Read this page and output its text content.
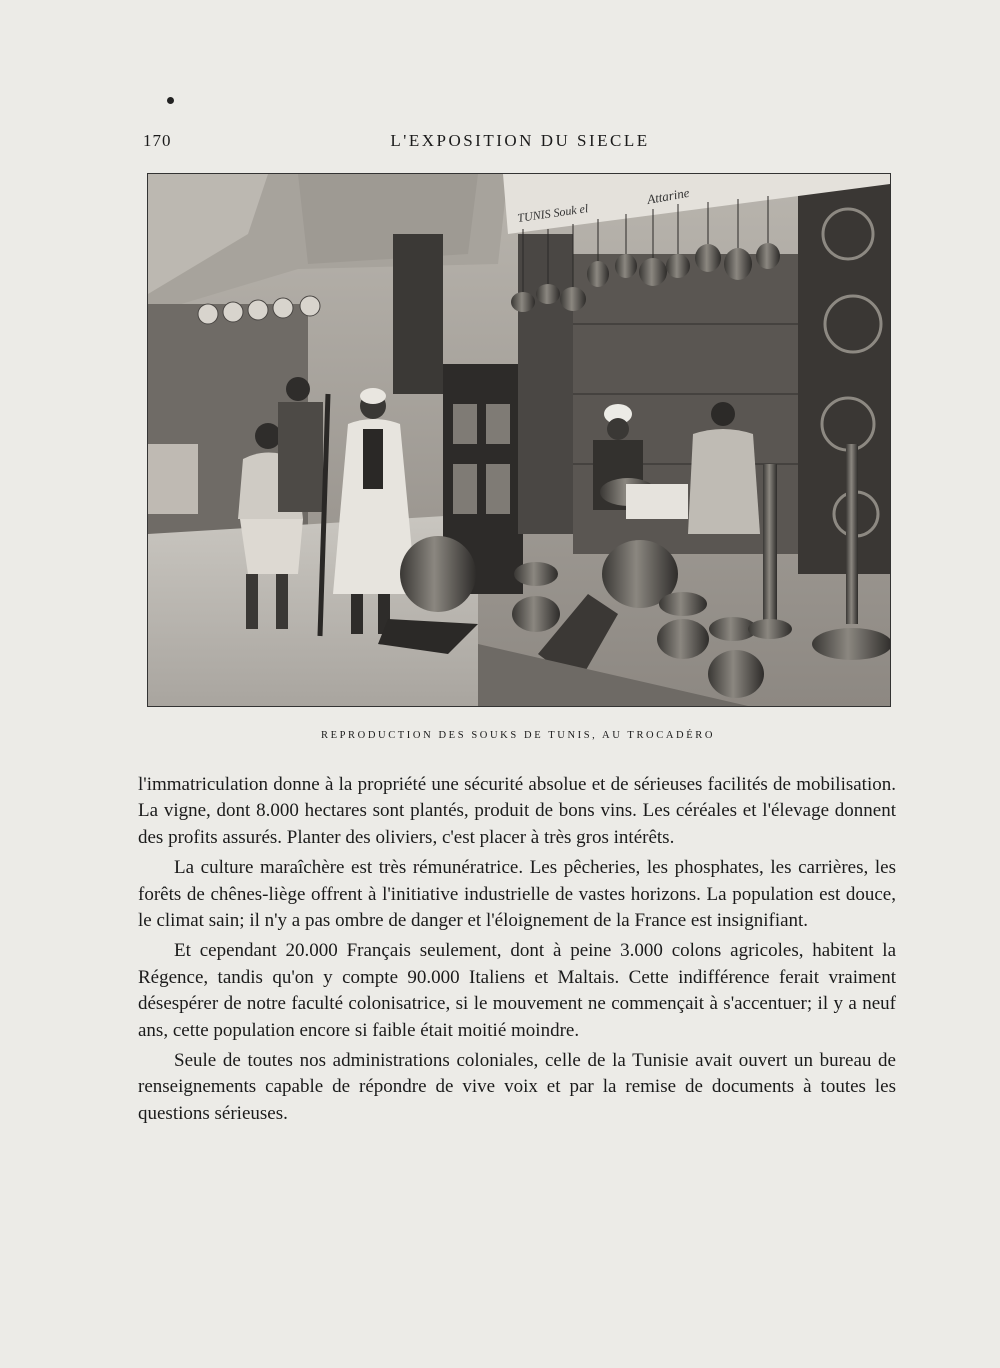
170	L'EXPOSITION DU SIECLE
TUNIS Souk el
Attarine
REPRODUCTION DES SOUKS DE TUNIS, AU TROCADÉRO

l'immatriculation donne à la propriété une sécurité absolue et de sérieuses facilités de mobilisation. La vigne, dont 8.000 hectares sont plantés, produit de bons vins. Les céréales et l'élevage donnent des profits assurés. Planter des oliviers, c'est placer à très gros intérêts.

La culture maraîchère est très rémunératrice. Les pêcheries, les phosphates, les carrières, les forêts de chênes-liège offrent à l'initiative industrielle de vastes horizons. La population est douce, le climat sain; il n'y a pas ombre de danger et l'éloignement de la France est insignifiant.

Et cependant 20.000 Français seulement, dont à peine 3.000 colons agricoles, habitent la Régence, tandis qu'on y compte 90.000 Italiens et Maltais. Cette indifférence ferait vraiment désespérer de notre faculté colonisatrice, si le mouvement ne commençait à s'accentuer; il y a neuf ans, cette population encore si faible était moitié moindre.

Seule de toutes nos administrations coloniales, celle de la Tunisie avait ouvert un bureau de renseignements capable de répondre de vive voix et par la remise de documents à toutes les questions sérieuses.
